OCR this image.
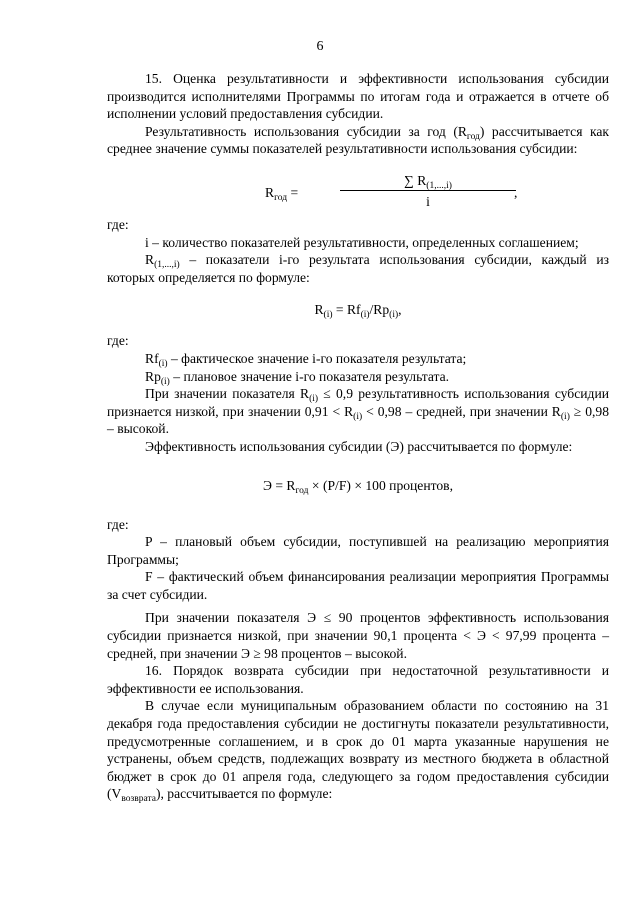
6

15. Оценка результативности и эффективности использования субсидии производится исполнителями Программы по итогам года и отражается в отчете об исполнении условий предоставления субсидии.

Результативность использования субсидии за год $(R_{год})$ рассчитывается как среднее значение суммы показателей результативности использования субсидии:

$R_{год}$ =	$\frac{\sum R_{(1,...,i)}}{i}$
,

где:

i – количество показателей результативности, определенных соглашением;

$R_{(1,...,i)}$ – показатели i-го результата использования субсидии, каждый из которых определяется по формуле:

$R_{(i)} = Rf_{(i)}/Rp_{(i)}$,

где:

$Rf_{(i)}$ – фактическое значение i-го показателя результата;

$Rp_{(i)}$ – плановое значение i-го показателя результата.

При значении показателя $R_{(i)} \le 0,9$ результативность использования субсидии признается низкой, при значении $0,91 < R_{(i)} < 0,98$ – средней, при значении $R_{(i)} \ge 0,98$ – высокой.

Эффективность использования субсидии (Э) рассчитывается по формуле:

$Э = R_{год} \times (P/F) \times 100$ процентов,

где:

P – плановый объем субсидии, поступившей на реализацию мероприятия Программы;

F – фактический объем финансирования реализации мероприятия Программы за счет субсидии.

При значении показателя Э ≤ 90 процентов эффективность использования субсидии признается низкой, при значении 90,1 процента < Э < 97,99 процента – средней, при значении Э ≥ 98 процентов – высокой.

16. Порядок возврата субсидии при недостаточной результативности и эффективности ее использования.

В случае если муниципальным образованием области по состоянию на 31 декабря года предоставления субсидии не достигнуты показатели результативности, предусмотренные соглашением, и в срок до 01 марта указанные нарушения не устранены, объем средств, подлежащих возврату из местного бюджета в областной бюджет в срок до 01 апреля года, следующего за годом предоставления субсидии $(V_{возврата})$, рассчитывается по формуле:
